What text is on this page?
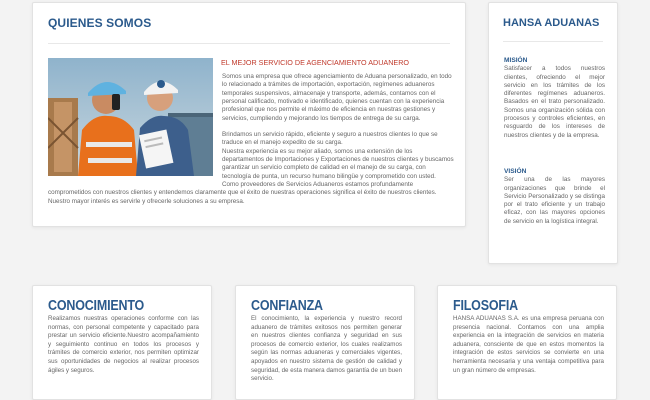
QUIENES SOMOS
EL MEJOR SERVICIO DE AGENCIAMIENTO ADUANERO

Somos una empresa que ofrece agenciamiento de Aduana personalizado, en todo lo relacionado a trámites de importación, exportación, regímenes aduaneros temporales suspensivos, almacenaje y transporte, además, contamos con el personal calificado, motivado e identificado, quienes cuentan con la experiencia profesional que nos permite el máximo de eficiencia en nuestras gestiones y servicios, cumpliendo y mejorando los tiempos de entrega de su carga.

Brindamos un servicio rápido, eficiente y seguro a nuestros clientes lo que se traduce en el manejo expedito de su carga.

Nuestra experiencia es su mejor aliado, somos una extensión de los departamentos de Importaciones y Exportaciones de nuestros clientes y buscamos garantizar un servicio completo de calidad en el manejo de su carga, con tecnología de punta, un recurso humano bilingüe y comprometido con usted.

Como proveedores de Servicios Aduaneros estamos profundamente comprometidos con nuestros clientes y entendemos claramente que el éxito de nuestras operaciones significa el éxito de nuestros clientes. Nuestro mayor interés es servirle y ofrecerle soluciones a su empresa.

HANSA ADUANAS
MISIÓN
Satisfacer a todos nuestros clientes, ofreciendo el mejor servicio en los trámites de los diferentes regímenes aduaneros. Basados en el trato personalizado. Somos una organización sólida con procesos y controles eficientes, en resguardo de los intereses de nuestros clientes y de la empresa.
VISIÓN
Ser una de las mayores organizaciones que brinde el Servicio Personalizado y se distinga por el trato eficiente y un trabajo eficaz, con las mayores opciones de servicio en la logística integral.
CONOCIMIENTO

Realizamos nuestras operaciones conforme con las normas, con personal competente y capacitado para prestar un servicio eficiente.Nuestro acompañamiento y seguimiento continuo en todos los procesos y trámites de comercio exterior, nos permiten optimizar sus oportunidades de negocios al realizar procesos ágiles y seguros.

CONFIANZA

El conocimiento, la experiencia y nuestro record aduanero de trámites exitosos nos permiten generar en nuestros clientes confianza y seguridad en sus procesos de comercio exterior, los cuales realizamos según las normas aduaneras y comerciales vigentes, apoyados en nuestro sistema de gestión de calidad y seguridad, de esta manera damos garantía de un buen servicio.

FILOSOFIA

HANSA ADUANAS S.A. es una empresa peruana con presencia nacional. Contamos con una amplia experiencia en la integración de servicios en materia aduanera, consciente de que en estos momentos la integración de estos servicios se convierte en una herramienta necesaria y una ventaja competitiva para un gran número de empresas.
